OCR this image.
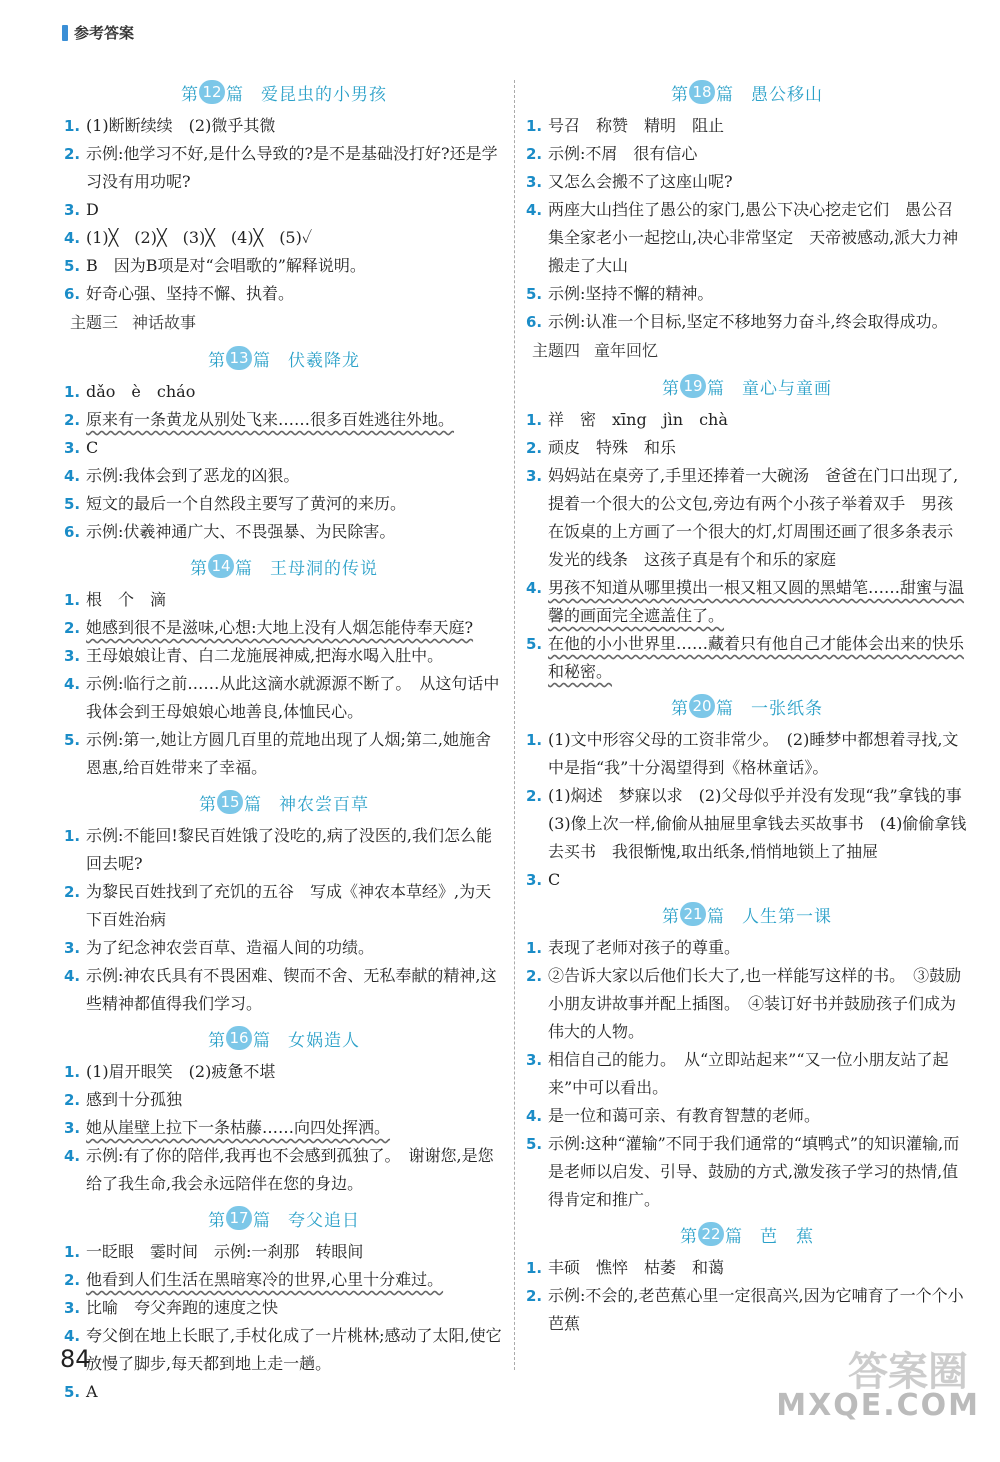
参考答案
第 12 篇 爱昆虫的小男孩
1. (1)断断续续　(2)微乎其微
2. 示例:他学习不好,是什么导致的?是不是基础没打好?还是学习没有用功呢?
3. D
4. (1)╳　(2)╳　(3)╳　(4)╳　(5)✓
5. B　因为B项是对“会唱歌的”解释说明。
6. 好奇心强、坚持不懈、执着。
主题三 神话故事
第 13 篇 伏羲降龙
1. dǎo　è　cháo
2. 原来有一条黄龙从别处飞来……很多百姓逃往外地。
3. C
4. 示例:我体会到了恶龙的凶狠。
5. 短文的最后一个自然段主要写了黄河的来历。
6. 示例:伏羲神通广大、不畏强暴、为民除害。
第 14 篇 王母洞的传说
1. 根　个　滴
2. 她感到很不是滋味,心想:大地上没有人烟怎能侍奉天庭?
3. 王母娘娘让青、白二龙施展神威,把海水喝入肚中。
4. 示例:临行之前……从此这滴水就源源不断了。　从这句话中我体会到王母娘娘心地善良,体恤民心。
5. 示例:第一,她让方圆几百里的荒地出现了人烟;第二,她施舍恩惠,给百姓带来了幸福。
第 15 篇 神农尝百草
1. 示例:不能回!黎民百姓饿了没吃的,病了没医的,我们怎么能回去呢?
2. 为黎民百姓找到了充饥的五谷　写成《神农本草经》,为天下百姓治病
3. 为了纪念神农尝百草、造福人间的功绩。
4. 示例:神农氏具有不畏困难、锲而不舍、无私奉献的精神,这些精神都值得我们学习。
第 16 篇 女娲造人
1. (1)眉开眼笑　(2)疲惫不堪
2. 感到十分孤独
3. 她从崖壁上拉下一条枯藤……向四处挥洒。
4. 示例:有了你的陪伴,我再也不会感到孤独了。　谢谢您,是您给了我生命,我会永远陪伴在您的身边。
第 17 篇 夸父追日
1. 一眨眼　霎时间　示例:一刹那　转眼间
2. 他看到人们生活在黑暗寒冷的世界,心里十分难过。
3. 比喻　夸父奔跑的速度之快
4. 夸父倒在地上长眠了,手杖化成了一片桃林;感动了太阳,使它放慢了脚步,每天都到地上走一趟。
5. A
第 18 篇 愚公移山
1. 号召　称赞　精明　阻止
2. 示例:不屑　很有信心
3. 又怎么会搬不了这座山呢?
4. 两座大山挡住了愚公的家门,愚公下决心挖走它们　愚公召集全家老小一起挖山,决心非常坚定　天帝被感动,派大力神搬走了大山
5. 示例:坚持不懈的精神。
6. 示例:认准一个目标,坚定不移地努力奋斗,终会取得成功。
主题四 童年回忆
第 19 篇 童心与童画
1. 祥　密　xīng　jìn　chà
2. 顽皮　特殊　和乐
3. 妈妈站在桌旁了,手里还捧着一大碗汤　爸爸在门口出现了,提着一个很大的公文包,旁边有两个小孩子举着双手　男孩在饭桌的上方画了一个很大的灯,灯周围还画了很多条表示发光的线条　这孩子真是有个和乐的家庭
4. 男孩不知道从哪里摸出一根又粗又圆的黑蜡笔……甜蜜与温馨的画面完全遮盖住了。
5. 在他的小小世界里……藏着只有他自己才能体会出来的快乐和秘密。
第 20 篇 一张纸条
1. (1)文中形容父母的工资非常少。　(2)睡梦中都想着寻找,文中是指“我”十分渴望得到《格林童话》。
2. (1)焖述　梦寐以求　(2)父母似乎并没有发现“我”拿钱的事　(3)像上次一样,偷偷从抽屉里拿钱去买故事书　(4)偷偷拿钱去买书　我很惭愧,取出纸条,悄悄地锁上了抽屉
3. C
第 21 篇 人生第一课
1. 表现了老师对孩子的尊重。
2. ②告诉大家以后他们长大了,也一样能写这样的书。　③鼓励小朋友讲故事并配上插图。　④装订好书并鼓励孩子们成为伟大的人物。
3. 相信自己的能力。　从“立即站起来”“又一位小朋友站了起来”中可以看出。
4. 是一位和蔼可亲、有教育智慧的老师。
5. 示例:这种“灌输”不同于我们通常的“填鸭式”的知识灌输,而是老师以启发、引导、鼓励的方式,激发孩子学习的热情,值得肯定和推广。
第 22 篇 芭　蕉
1. 丰硕　憔悴　枯萎　和蔼
2. 示例:不会的,老芭蕉心里一定很高兴,因为它哺育了一个个小芭蕉
84	答案圈
MXQE.COM
